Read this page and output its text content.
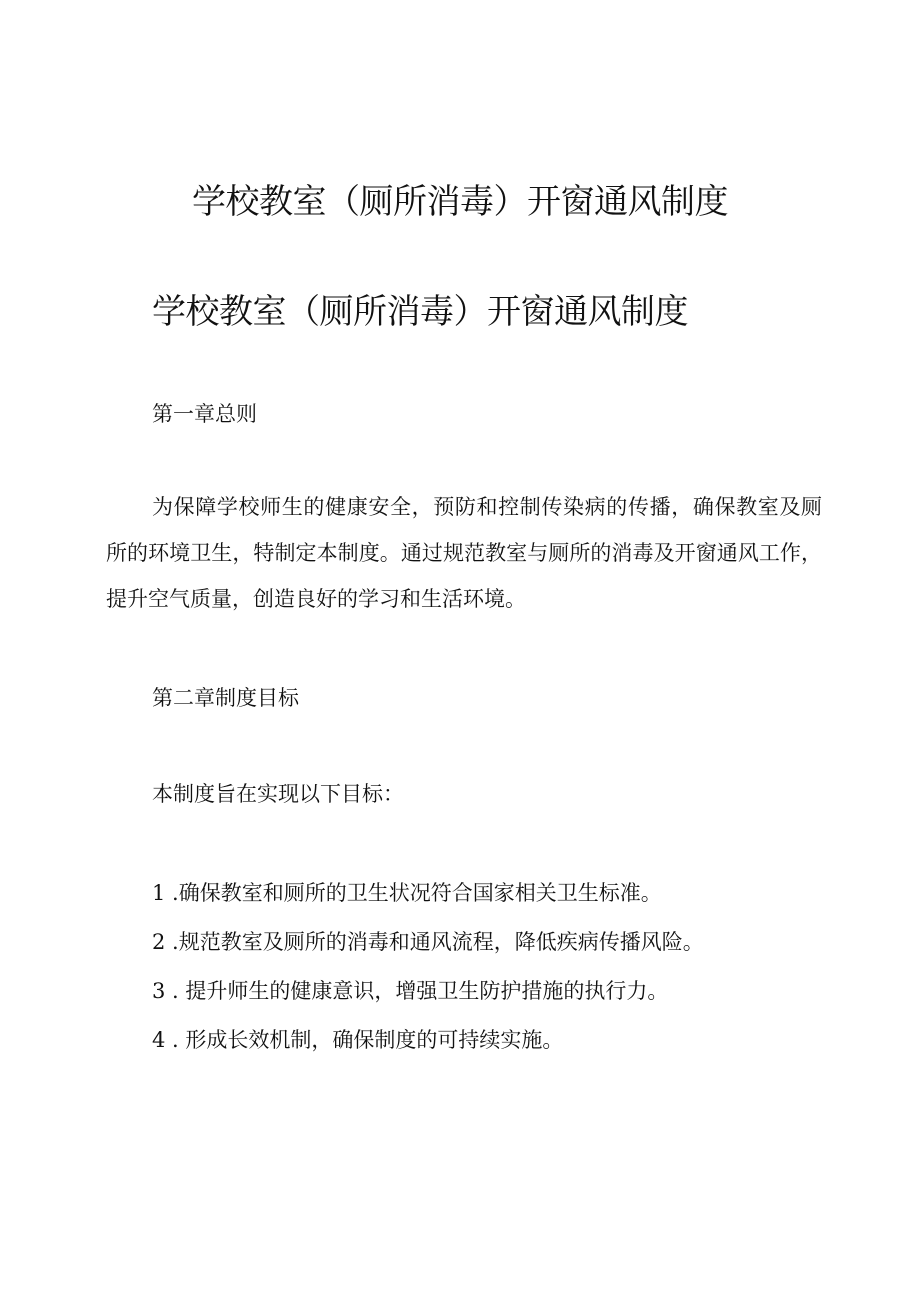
学校教室（厕所消毒）开窗通风制度
学校教室（厕所消毒）开窗通风制度

第一章总则

为保障学校师生的健康安全，预防和控制传染病的传播，确保教室及厕所的环境卫生，特制定本制度。通过规范教室与厕所的消毒及开窗通风工作，提升空气质量，创造良好的学习和生活环境。

第二章制度目标

本制度旨在实现以下目标：

1 .确保教室和厕所的卫生状况符合国家相关卫生标准。

2 .规范教室及厕所的消毒和通风流程，降低疾病传播风险。

3 . 提升师生的健康意识，增强卫生防护措施的执行力。

4 . 形成长效机制，确保制度的可持续实施。
